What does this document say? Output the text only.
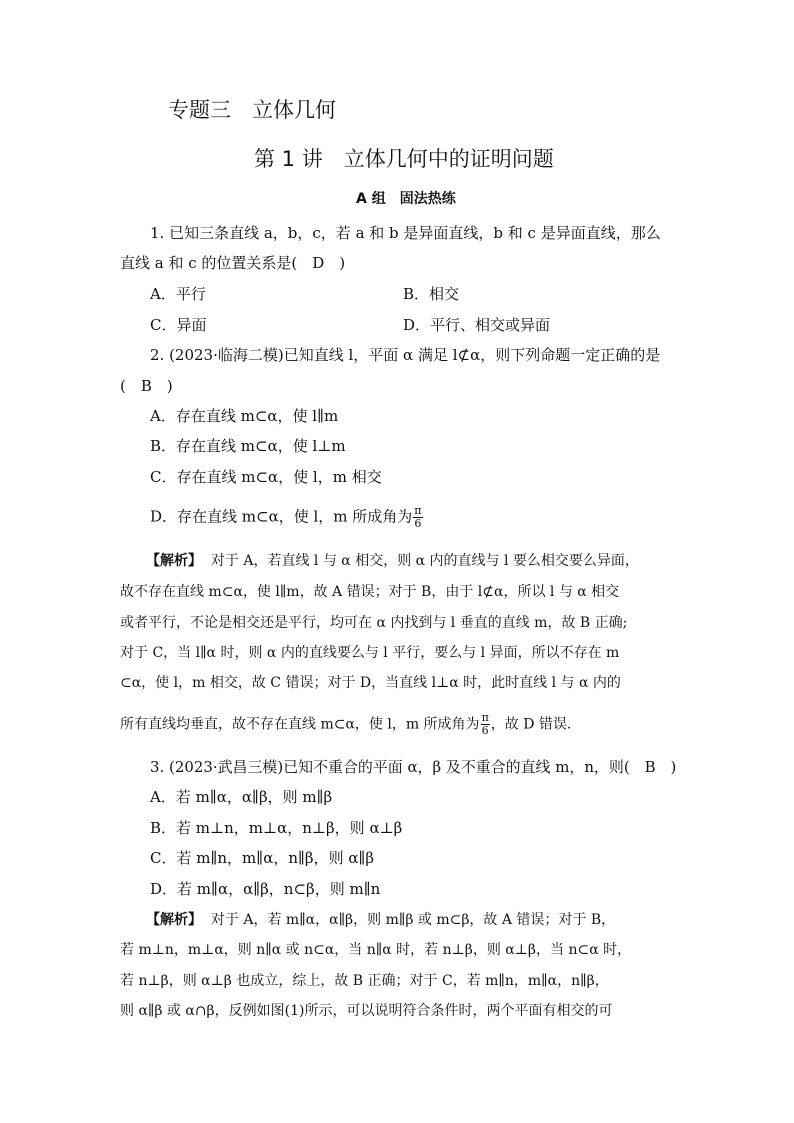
专题三　立体几何
第 1 讲　立体几何中的证明问题
A 组　固法热练
1. 已知三条直线 a，b，c，若 a 和 b 是异面直线，b 和 c 是异面直线，那么
直线 a 和 c 的位置关系是(　D　)
A．平行	B．相交
C．异面	D．平行、相交或异面
2. (2023·临海二模)已知直线 l，平面 α 满足 l⊄α，则下列命题一定正确的是
(　B　)
A．存在直线 m⊂α，使 l∥m
B．存在直线 m⊂α，使 l⊥m
C．存在直线 m⊂α，使 l，m 相交
D．存在直线 m⊂α，使 l，m 所成角为 $\frac{\pi}{6}$
【解析】 对于 A，若直线 l 与 α 相交，则 α 内的直线与 l 要么相交要么异面，
故不存在直线 m⊂α，使 l∥m，故 A 错误；对于 B，由于 l⊄α，所以 l 与 α 相交
或者平行，不论是相交还是平行，均可在 α 内找到与 l 垂直的直线 m，故 B 正确;
对于 C，当 l∥α 时，则 α 内的直线要么与 l 平行，要么与 l 异面，所以不存在 m
⊂α，使 l，m 相交，故 C 错误；对于 D，当直线 l⊥α 时，此时直线 l 与 α 内的
所有直线均垂直，故不存在直线 m⊂α，使 l，m 所成角为 $\frac{\pi}{6}$ ，故 D 错误.
3. (2023·武昌三模)已知不重合的平面 α，β 及不重合的直线 m，n，则(　B　)
A．若 m∥α，α∥β，则 m∥β
B．若 m⊥n，m⊥α，n⊥β，则 α⊥β
C．若 m∥n，m∥α，n∥β，则 α∥β
D．若 m∥α，α∥β，n⊂β，则 m∥n
【解析】 对于 A，若 m∥α，α∥β，则 m∥β 或 m⊂β，故 A 错误；对于 B，
若 m⊥n，m⊥α，则 n∥α 或 n⊂α，当 n∥α 时，若 n⊥β，则 α⊥β，当 n⊂α 时，
若 n⊥β，则 α⊥β 也成立，综上，故 B 正确；对于 C，若 m∥n，m∥α，n∥β，
则 α∥β 或 α∩β，反例如图(1)所示，可以说明符合条件时，两个平面有相交的可
